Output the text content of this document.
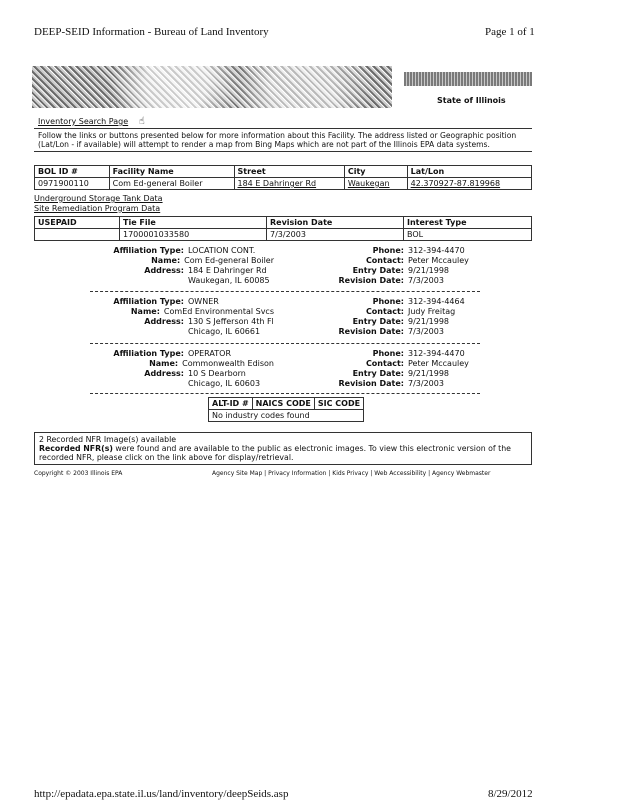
DEEP-SEID Information - Bureau of Land Inventory	Page 1 of 1
State of Illinois
Inventory Search Page ☝
Follow the links or buttons presented below for more information about this Facility. The address listed or Geographic position (Lat/Lon - if available) will attempt to render a map from Bing Maps which are not part of the Illinois EPA data systems.
BOL ID #	Facility Name	Street	City	Lat/Lon
0971900110	Com Ed-general Boiler	184 E Dahringer Rd	Waukegan	42.370927-87.819968
Underground Storage Tank Data
Site Remediation Program Data
USEPAID	Tie File	Revision Date	Interest Type
	1700001033580	7/3/2003	BOL
Affiliation Type: LOCATION CONT.
Name: Com Ed-general Boiler
Address: 184 E Dahringer Rd
Waukegan, IL 60085
Phone: 312-394-4470
Contact: Peter Mccauley
Entry Date: 9/21/1998
Revision Date: 7/3/2003
Affiliation Type: OWNER
Name: ComEd Environmental Svcs
Address: 130 S Jefferson 4th Fl
Chicago, IL 60661
Phone: 312-394-4464
Contact: Judy Freitag
Entry Date: 9/21/1998
Revision Date: 7/3/2003
Affiliation Type: OPERATOR
Name: Commonwealth Edison
Address: 10 S Dearborn
Chicago, IL 60603
Phone: 312-394-4470
Contact: Peter Mccauley
Entry Date: 9/21/1998
Revision Date: 7/3/2003
ALT-ID #	NAICS CODE	SIC CODE
No industry codes found
2 Recorded NFR Image(s) available
Recorded NFR(s) were found and are available to the public as electronic images. To view this electronic version of the recorded NFR, please click on the link above for display/retrieval.
Copyright © 2003 Illinois EPA	Agency Site Map | Privacy Information | Kids Privacy | Web Accessibility | Agency Webmaster
http://epadata.epa.state.il.us/land/inventory/deepSeids.asp	8/29/2012
